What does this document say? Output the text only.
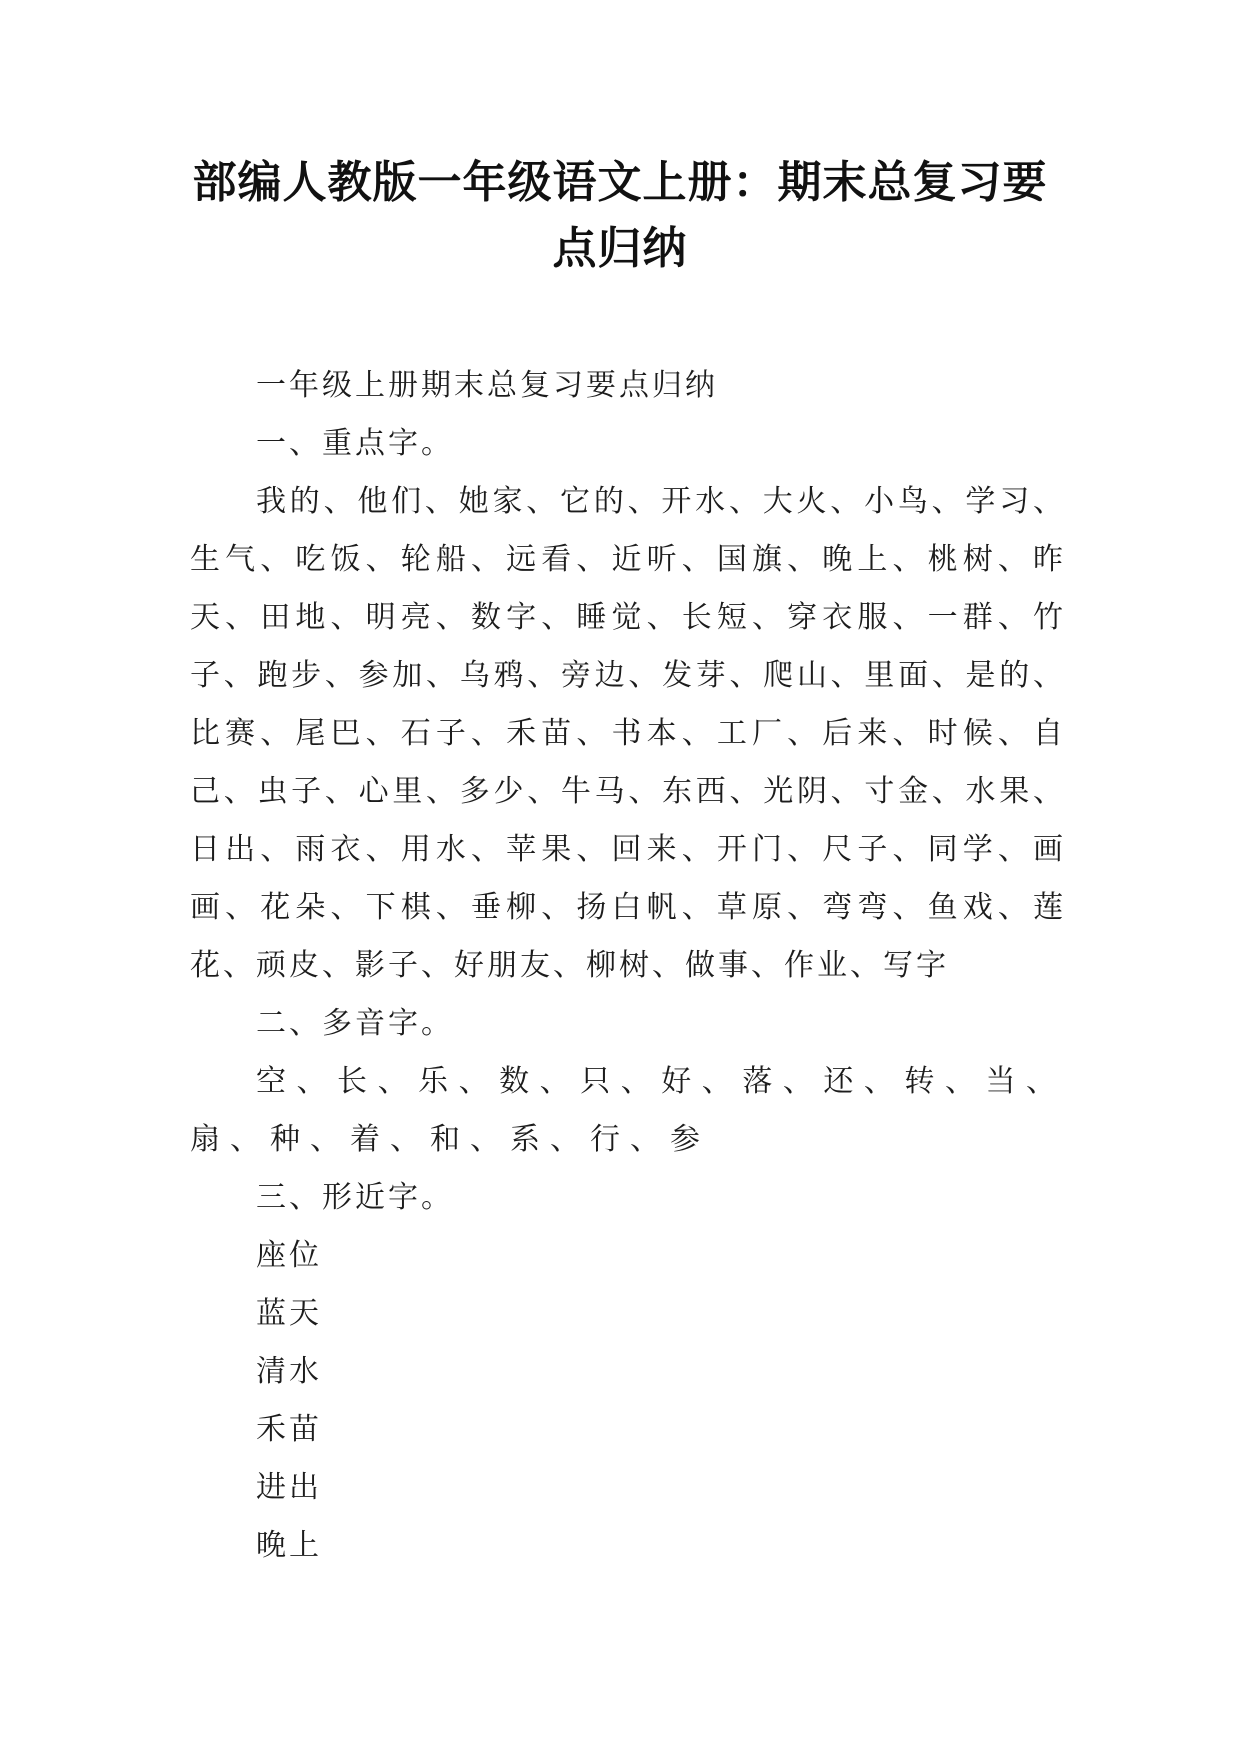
部编人教版一年级语文上册：期末总复习要点归纳

一年级上册期末总复习要点归纳

一、重点字。

我的、他们、她家、它的、开水、大火、小鸟、学习、生气、吃饭、轮船、远看、近听、国旗、晚上、桃树、昨天、田地、明亮、数字、睡觉、长短、穿衣服、一群、竹子、跑步、参加、乌鸦、旁边、发芽、爬山、里面、是的、比赛、尾巴、石子、禾苗、书本、工厂、后来、时候、自己、虫子、心里、多少、牛马、东西、光阴、寸金、水果、日出、雨衣、用水、苹果、回来、开门、尺子、同学、画画、花朵、下棋、垂柳、扬白帆、草原、弯弯、鱼戏、莲花、顽皮、影子、好朋友、柳树、做事、作业、写字

二、多音字。

空、长、乐、数、只、好、落、还、转、当、扇、种、着、和、系、行、参

三、形近字。

座位

蓝天

清水

禾苗

进出

晚上
